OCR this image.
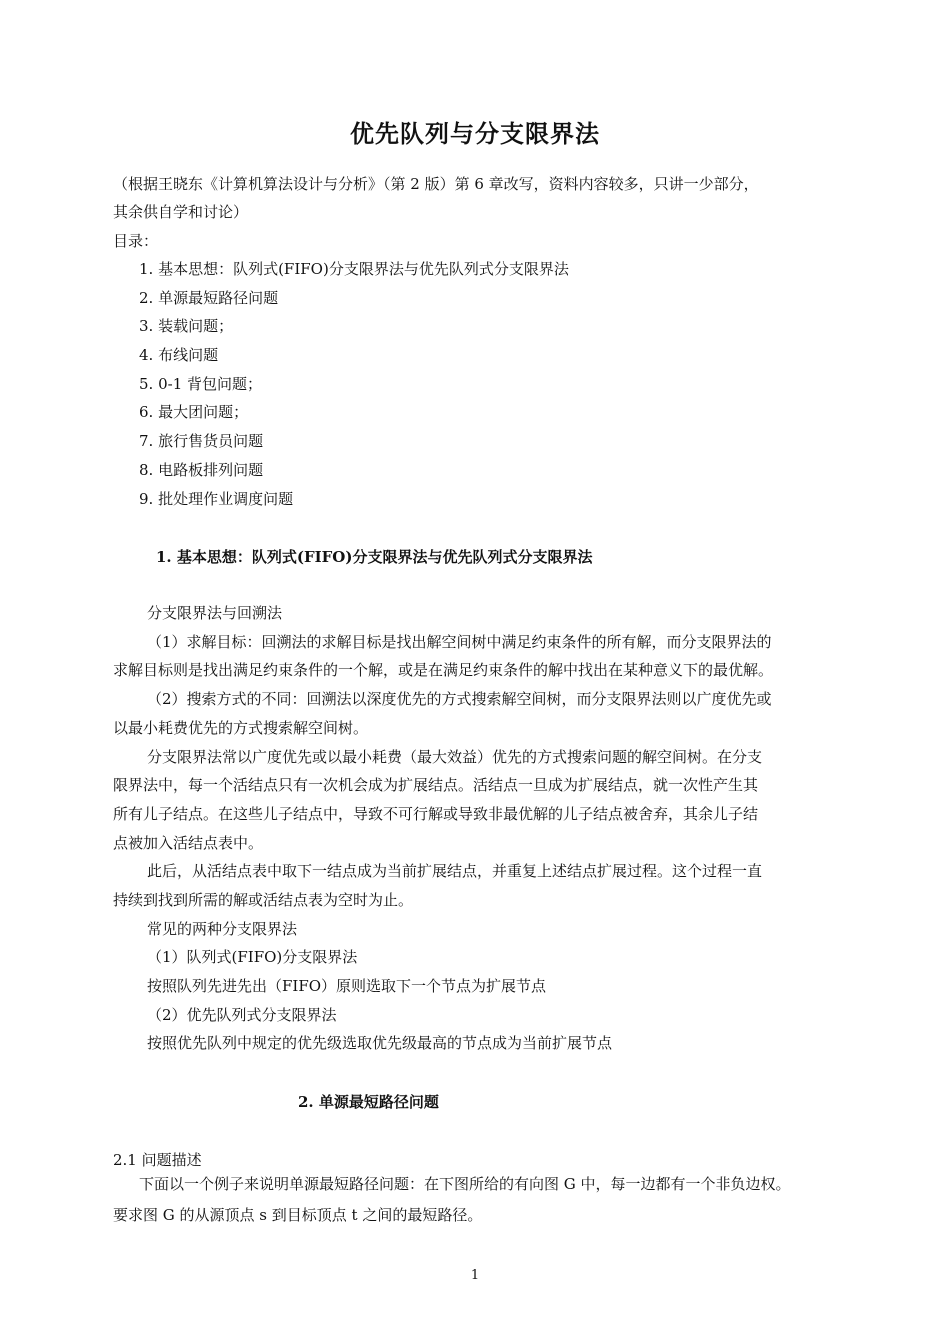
优先队列与分支限界法
（根据王晓东《计算机算法设计与分析》（第 2 版）第 6 章改写，资料内容较多，只讲一少部分，
其余供自学和讨论）
目录：
1. 基本思想：队列式(FIFO)分支限界法与优先队列式分支限界法
2. 单源最短路径问题
3. 装载问题；
4. 布线问题
5. 0-1 背包问题；
6. 最大团问题；
7. 旅行售货员问题
8. 电路板排列问题
9. 批处理作业调度问题
1. 基本思想：队列式(FIFO)分支限界法与优先队列式分支限界法
分支限界法与回溯法
（1）求解目标：回溯法的求解目标是找出解空间树中满足约束条件的所有解，而分支限界法的
求解目标则是找出满足约束条件的一个解，或是在满足约束条件的解中找出在某种意义下的最优解。
（2）搜索方式的不同：回溯法以深度优先的方式搜索解空间树，而分支限界法则以广度优先或
以最小耗费优先的方式搜索解空间树。
分支限界法常以广度优先或以最小耗费（最大效益）优先的方式搜索问题的解空间树。在分支
限界法中，每一个活结点只有一次机会成为扩展结点。活结点一旦成为扩展结点，就一次性产生其
所有儿子结点。在这些儿子结点中，导致不可行解或导致非最优解的儿子结点被舍弃，其余儿子结
点被加入活结点表中。
此后，从活结点表中取下一结点成为当前扩展结点，并重复上述结点扩展过程。这个过程一直
持续到找到所需的解或活结点表为空时为止。
常见的两种分支限界法
（1）队列式(FIFO)分支限界法
按照队列先进先出（FIFO）原则选取下一个节点为扩展节点
（2）优先队列式分支限界法
按照优先队列中规定的优先级选取优先级最高的节点成为当前扩展节点
2. 单源最短路径问题
2.1 问题描述
下面以一个例子来说明单源最短路径问题：在下图所给的有向图 G 中，每一边都有一个非负边权。
要求图 G 的从源顶点 s 到目标顶点 t 之间的最短路径。
1
